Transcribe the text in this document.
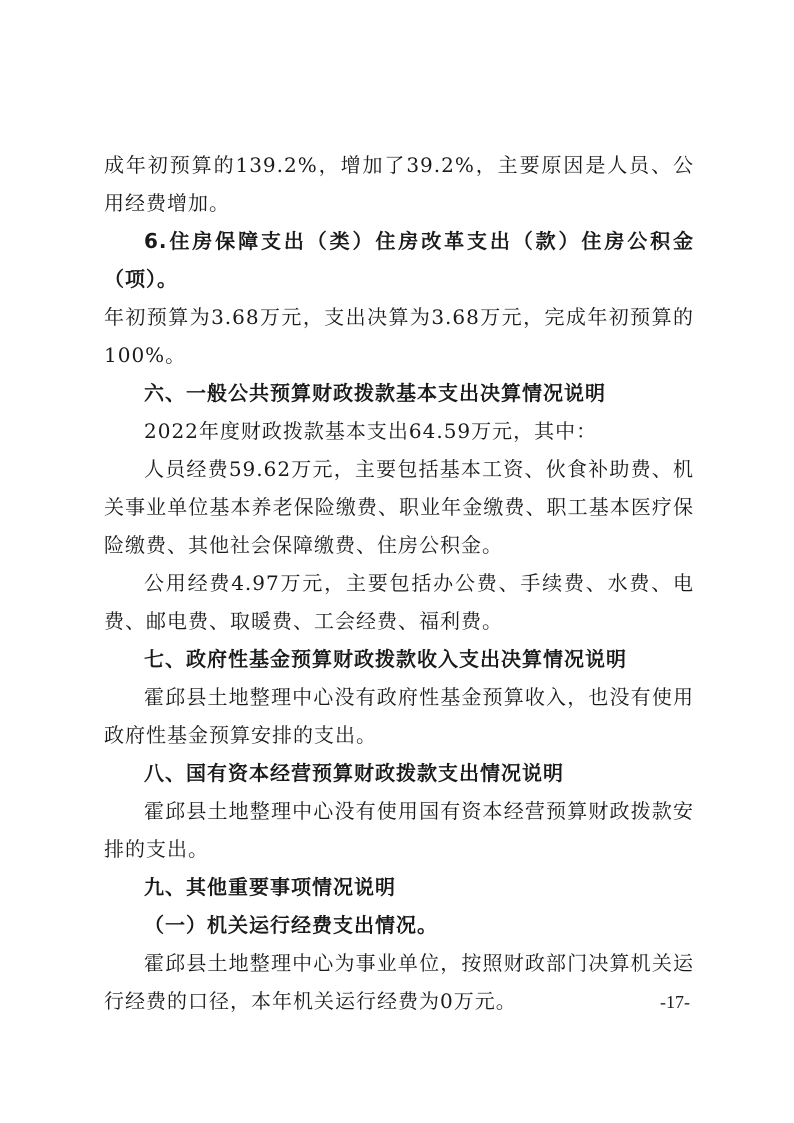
成年初预算的139.2%，增加了39.2%，主要原因是人员、公用经费增加。

6.住房保障支出（类）住房改革支出（款）住房公积金（项）。

年初预算为3.68万元，支出决算为3.68万元，完成年初预算的100%。

六、一般公共预算财政拨款基本支出决算情况说明

2022年度财政拨款基本支出64.59万元，其中：

人员经费59.62万元，主要包括基本工资、伙食补助费、机关事业单位基本养老保险缴费、职业年金缴费、职工基本医疗保险缴费、其他社会保障缴费、住房公积金。

公用经费4.97万元，主要包括办公费、手续费、水费、电费、邮电费、取暖费、工会经费、福利费。

七、政府性基金预算财政拨款收入支出决算情况说明

霍邱县土地整理中心没有政府性基金预算收入，也没有使用政府性基金预算安排的支出。

八、国有资本经营预算财政拨款支出情况说明

霍邱县土地整理中心没有使用国有资本经营预算财政拨款安排的支出。

九、其他重要事项情况说明

（一）机关运行经费支出情况。

霍邱县土地整理中心为事业单位，按照财政部门决算机关运行经费的口径，本年机关运行经费为0万元。	-17-
